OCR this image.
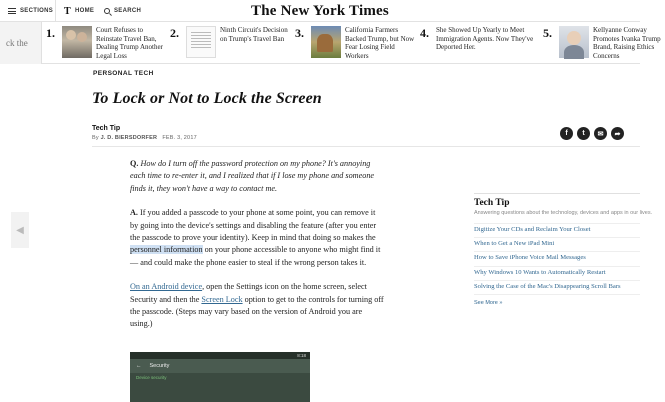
SECTIONS T HOME	SEARCH	The New York Times
ck the
1.	Court Refuses to Reinstate Travel Ban, Dealing Trump Another Legal Loss
2.	Ninth Circuit's Decision on Trump's Travel Ban 3.	California Farmers Backed Trump, but Now Fear Losing Field Workers
4.	She Showed Up Yearly to Meet Immigration Agents. Now They've Deported Her.
5.	Kellyanne Conway Promotes Ivanka Trump Brand, Raising Ethics Concerns
◀
PERSONAL TECH
To Lock or Not to Lock the Screen
Tech Tip
By J. D. BIERSDORFER FEB. 3, 2017
f	t	✉	➦

Q. How do I turn off the password protection on my phone? It's annoying each time to re-enter it, and I realized that if I lose my phone and someone finds it, they won't have a way to contact me.

A. If you added a passcode to your phone at some point, you can remove it by going into the device's settings and disabling the feature (after you enter the passcode to prove your identity). Keep in mind that doing so makes the personnel information on your phone accessible to anyone who might find it — and could make the phone easier to steal if the wrong person takes it.

On an Android device, open the Settings icon on the home screen, select Security and then the Screen Lock option to get to the controls for turning off the passcode. (Steps may vary based on the version of Android you are using.)

8:18
← Security
Device security
Tech Tip
Answering questions about the technology, devices and apps in our lives.
Digitize Your CDs and Reclaim Your Closet
When to Get a New iPad Mini
How to Save iPhone Voice Mail Messages
Why Windows 10 Wants to Automatically Restart
Solving the Case of the Mac's Disappearing Scroll Bars
See More »
